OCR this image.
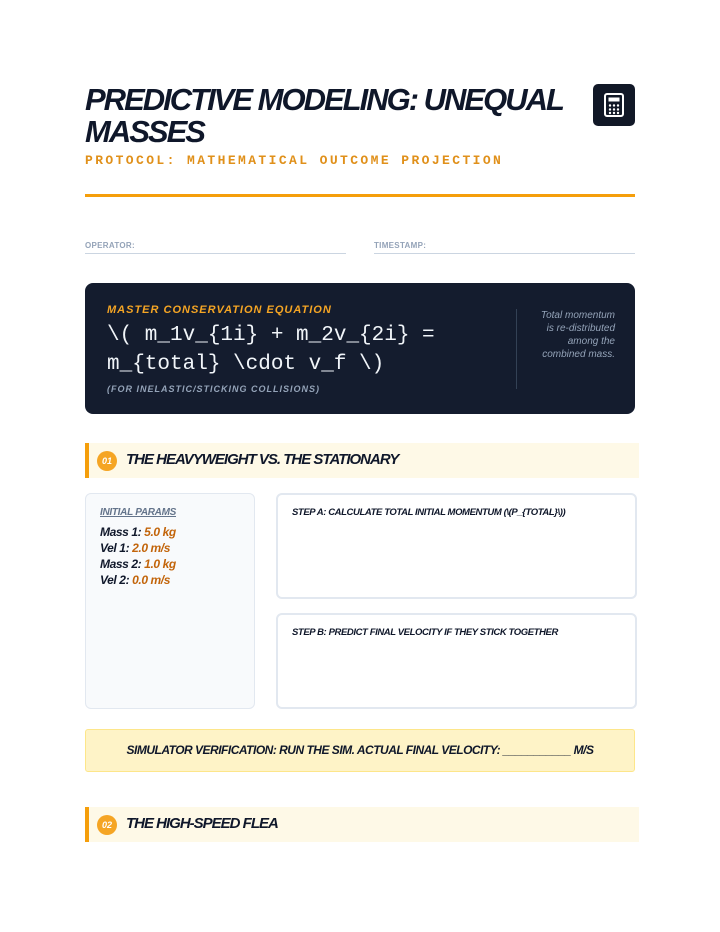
PREDICTIVE MODELING: UNEQUAL MASSES
PROTOCOL: MATHEMATICAL OUTCOME PROJECTION
OPERATOR:	TIMESTAMP:
MASTER CONSERVATION EQUATION
\( m_1v_{1i} + m_2v_{2i} = m_{total} \cdot v_f \)
(FOR INELASTIC/STICKING COLLISIONS)
Total momentum is re-distributed among the combined mass.
01 THE HEAVYWEIGHT VS. THE STATIONARY
INITIAL PARAMS
Mass 1: 5.0 kg
Vel 1: 2.0 m/s
Mass 2: 1.0 kg
Vel 2: 0.0 m/s
STEP A: CALCULATE TOTAL INITIAL MOMENTUM (\(P_{TOTAL}\))
STEP B: PREDICT FINAL VELOCITY IF THEY STICK TOGETHER
SIMULATOR VERIFICATION: RUN THE SIM. ACTUAL FINAL VELOCITY: ___________ M/S
02 THE HIGH-SPEED FLEA
